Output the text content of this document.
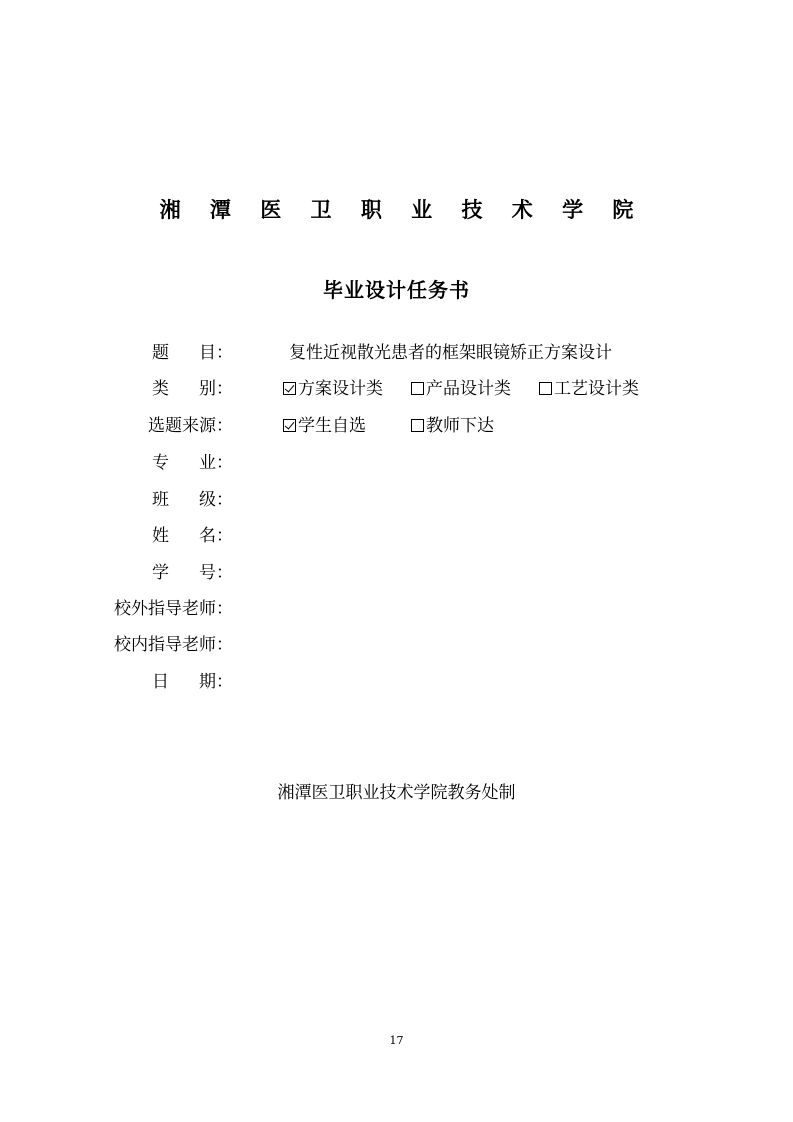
湘 潭 医 卫 职 业 技 术 学 院
毕业设计任务书
题 目：	复性近视散光患者的框架眼镜矫正方案设计
类 别：	方案设计类	产品设计类	工艺设计类
选题来源：	学生自选	教师下达
专 业：
班 级：
姓 名：
学 号：
校外指导老师：
校内指导老师：
日 期：
湘潭医卫职业技术学院教务处制
17
